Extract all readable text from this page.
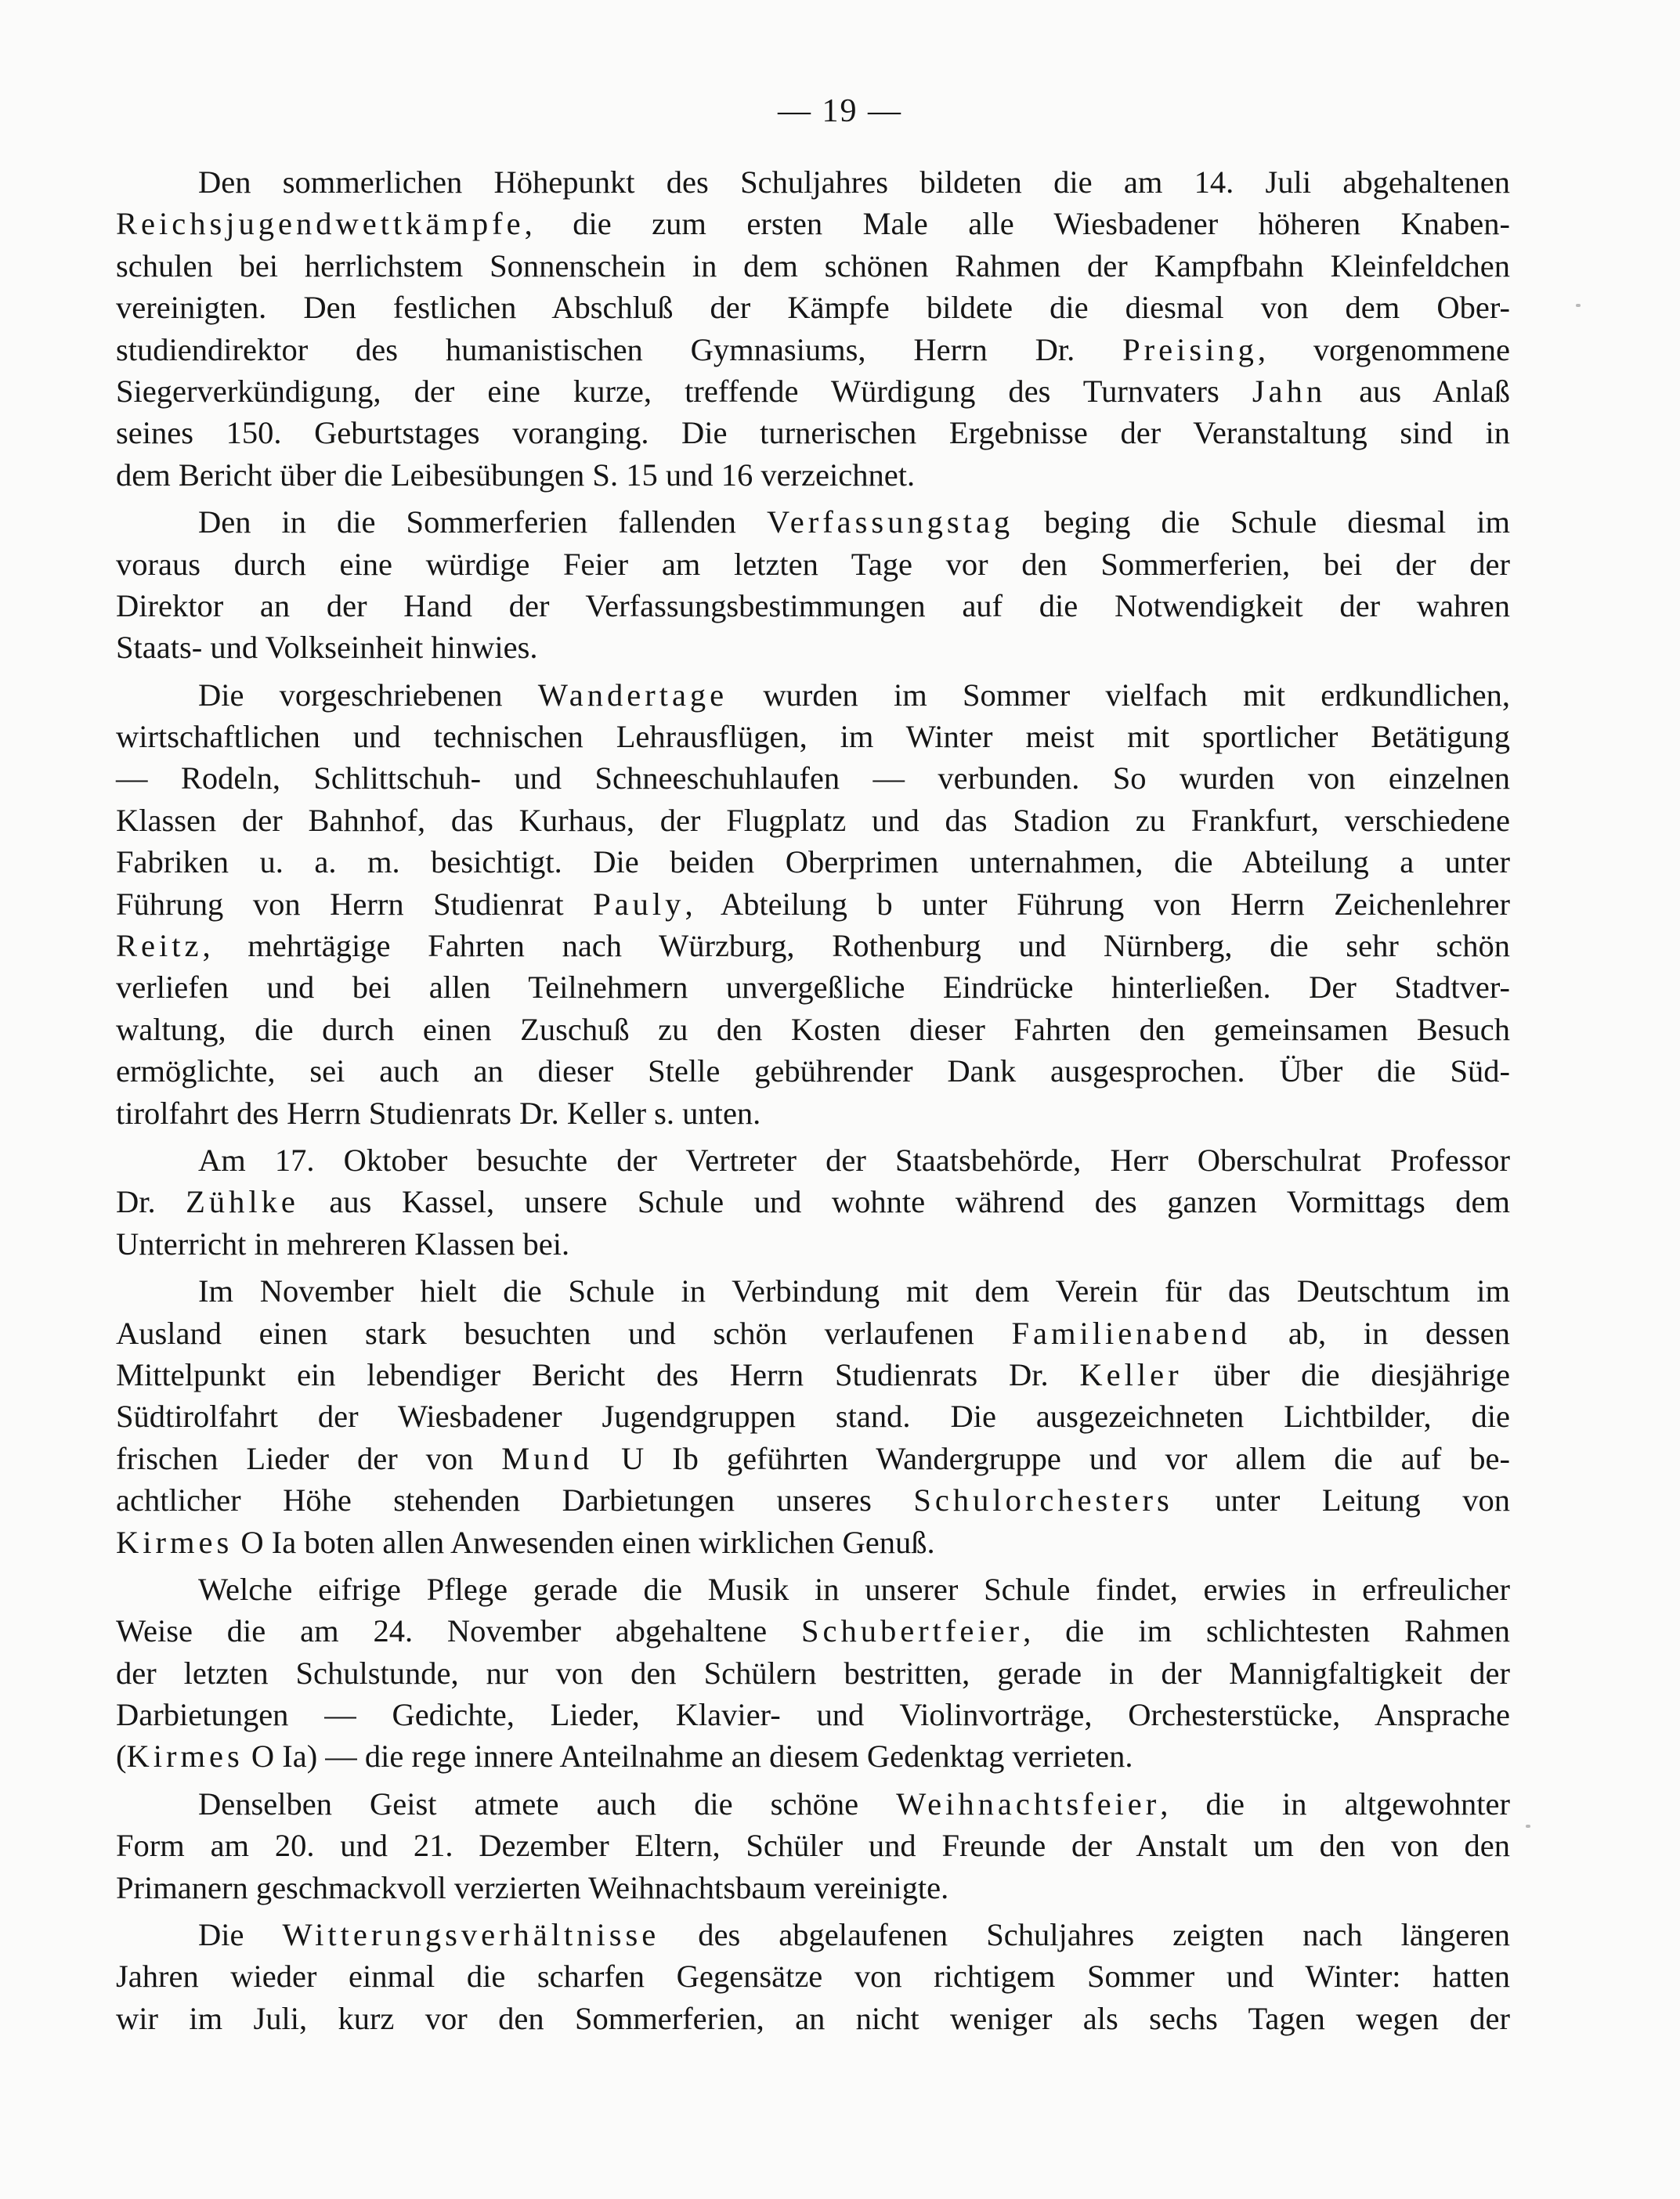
— 19 —
Den sommerlichen Höhepunkt des Schuljahres bildeten die am 14. Juli abgehaltenen
Reichsjugendwettkämpfe, die zum ersten Male alle Wiesbadener höheren Knaben-
schulen bei herrlichstem Sonnenschein in dem schönen Rahmen der Kampfbahn Kleinfeldchen
vereinigten. Den festlichen Abschluß der Kämpfe bildete die diesmal von dem Ober-
studiendirektor des humanistischen Gymnasiums, Herrn Dr. Preising, vorgenommene
Siegerverkündigung, der eine kurze, treffende Würdigung des Turnvaters Jahn aus Anlaß
seines 150. Geburtstages voranging. Die turnerischen Ergebnisse der Veranstaltung sind in
dem Bericht über die Leibesübungen S. 15 und 16 verzeichnet.
Den in die Sommerferien fallenden Verfassungstag beging die Schule diesmal im
voraus durch eine würdige Feier am letzten Tage vor den Sommerferien, bei der der
Direktor an der Hand der Verfassungsbestimmungen auf die Notwendigkeit der wahren
Staats- und Volkseinheit hinwies.
Die vorgeschriebenen Wandertage wurden im Sommer vielfach mit erdkundlichen,
wirtschaftlichen und technischen Lehrausflügen, im Winter meist mit sportlicher Betätigung
— Rodeln, Schlittschuh- und Schneeschuhlaufen — verbunden. So wurden von einzelnen
Klassen der Bahnhof, das Kurhaus, der Flugplatz und das Stadion zu Frankfurt, verschiedene
Fabriken u. a. m. besichtigt. Die beiden Oberprimen unternahmen, die Abteilung a unter
Führung von Herrn Studienrat Pauly, Abteilung b unter Führung von Herrn Zeichenlehrer
Reitz, mehrtägige Fahrten nach Würzburg, Rothenburg und Nürnberg, die sehr schön
verliefen und bei allen Teilnehmern unvergeßliche Eindrücke hinterließen. Der Stadtver-
waltung, die durch einen Zuschuß zu den Kosten dieser Fahrten den gemeinsamen Besuch
ermöglichte, sei auch an dieser Stelle gebührender Dank ausgesprochen. Über die Süd-
tirolfahrt des Herrn Studienrats Dr. Keller s. unten.
Am 17. Oktober besuchte der Vertreter der Staatsbehörde, Herr Oberschulrat Professor
Dr. Zühlke aus Kassel, unsere Schule und wohnte während des ganzen Vormittags dem
Unterricht in mehreren Klassen bei.
Im November hielt die Schule in Verbindung mit dem Verein für das Deutschtum im
Ausland einen stark besuchten und schön verlaufenen Familienabend ab, in dessen
Mittelpunkt ein lebendiger Bericht des Herrn Studienrats Dr. Keller über die diesjährige
Südtirolfahrt der Wiesbadener Jugendgruppen stand. Die ausgezeichneten Lichtbilder, die
frischen Lieder der von Mund U Ib geführten Wandergruppe und vor allem die auf be-
achtlicher Höhe stehenden Darbietungen unseres Schulorchesters unter Leitung von
Kirmes O Ia boten allen Anwesenden einen wirklichen Genuß.
Welche eifrige Pflege gerade die Musik in unserer Schule findet, erwies in erfreulicher
Weise die am 24. November abgehaltene Schubertfeier, die im schlichtesten Rahmen
der letzten Schulstunde, nur von den Schülern bestritten, gerade in der Mannigfaltigkeit der
Darbietungen — Gedichte, Lieder, Klavier- und Violinvorträge, Orchesterstücke, Ansprache
(Kirmes O Ia) — die rege innere Anteilnahme an diesem Gedenktag verrieten.
Denselben Geist atmete auch die schöne Weihnachtsfeier, die in altgewohnter
Form am 20. und 21. Dezember Eltern, Schüler und Freunde der Anstalt um den von den
Primanern geschmackvoll verzierten Weihnachtsbaum vereinigte.
Die Witterungsverhältnisse des abgelaufenen Schuljahres zeigten nach längeren
Jahren wieder einmal die scharfen Gegensätze von richtigem Sommer und Winter: hatten
wir im Juli, kurz vor den Sommerferien, an nicht weniger als sechs Tagen wegen der
